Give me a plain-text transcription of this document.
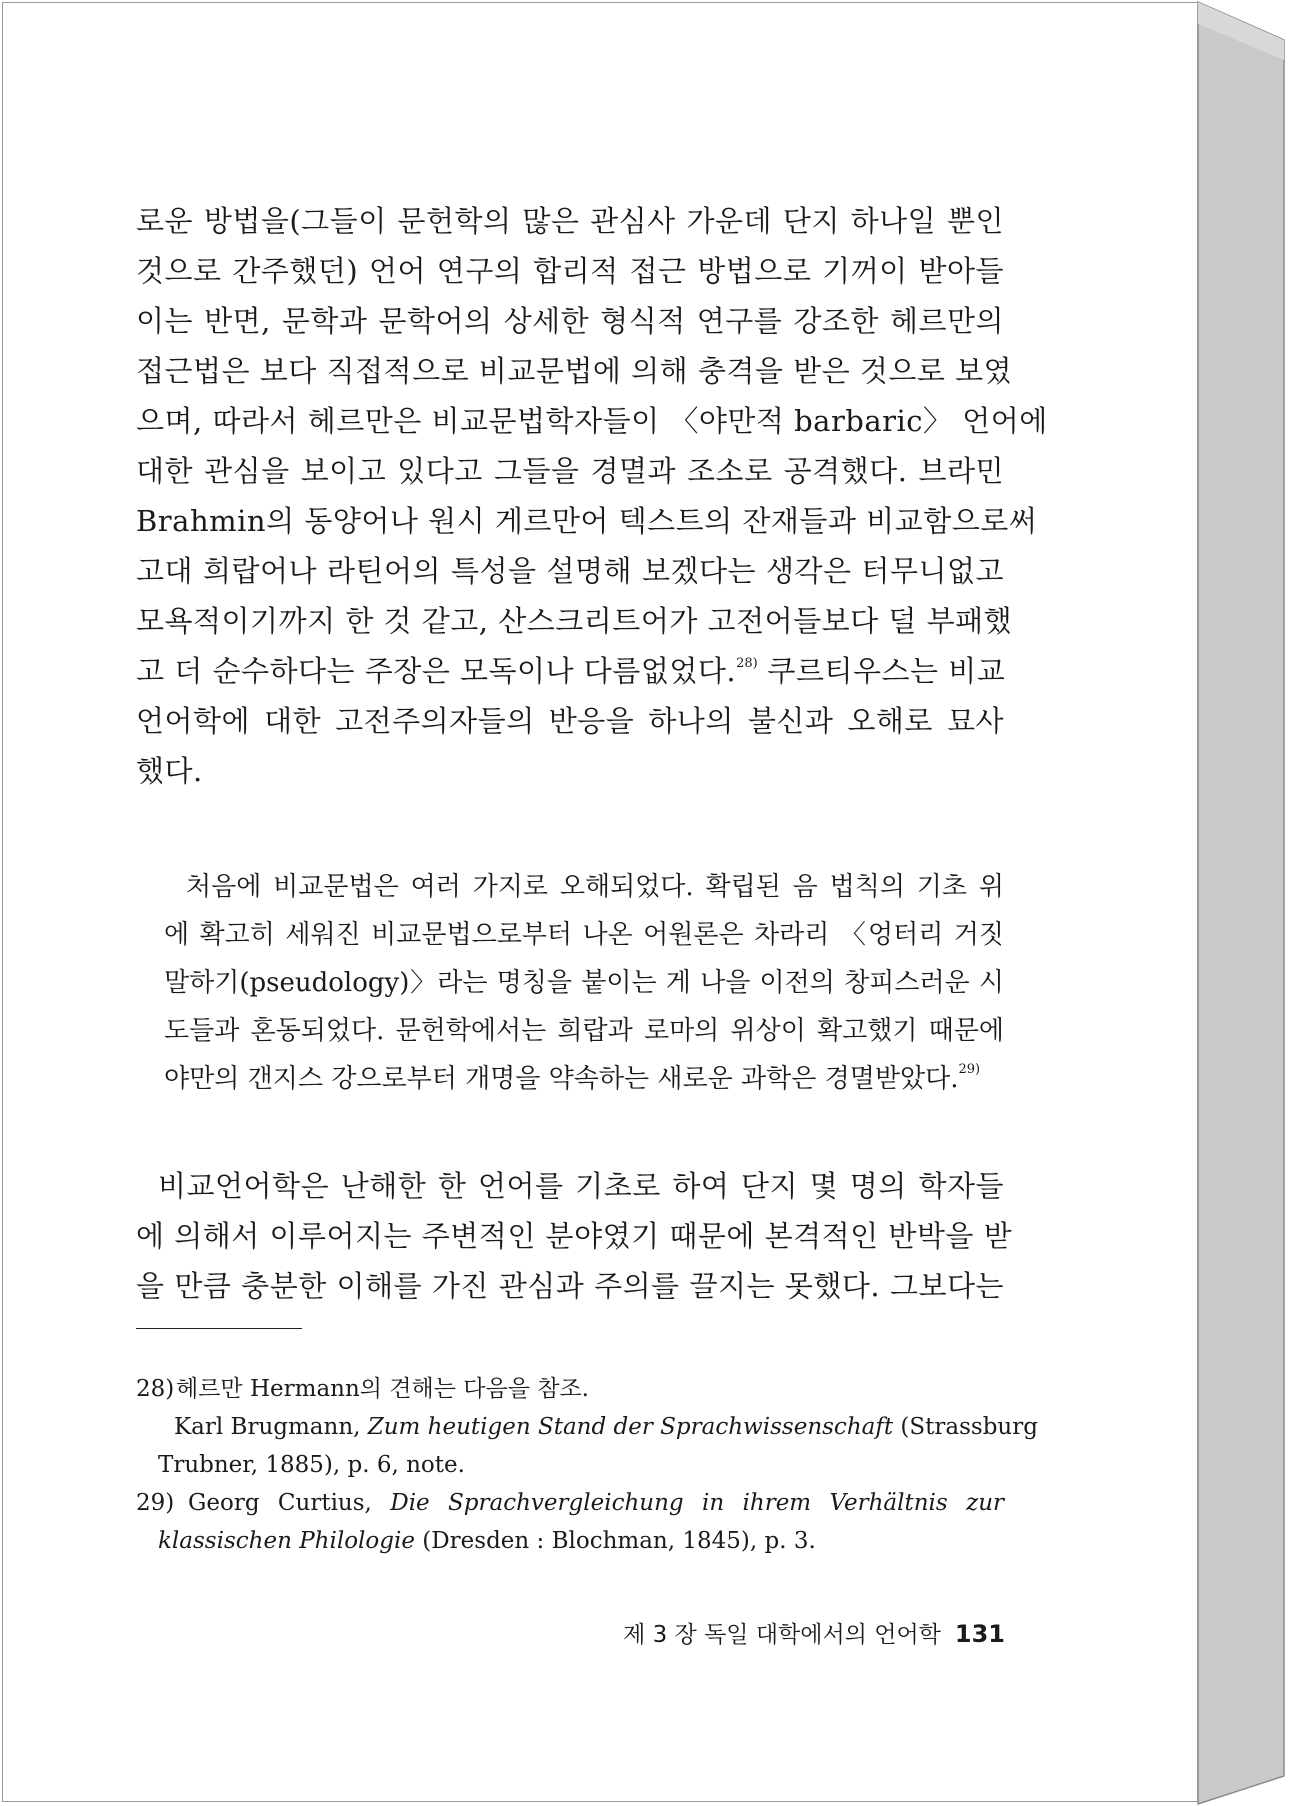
로운 방법을(그들이 문헌학의 많은 관심사 가운데 단지 하나일 뿐인
것으로 간주했던) 언어 연구의 합리적 접근 방법으로 기꺼이 받아들
이는 반면, 문학과 문학어의 상세한 형식적 연구를 강조한 헤르만의
접근법은 보다 직접적으로 비교문법에 의해 충격을 받은 것으로 보였
으며, 따라서 헤르만은 비교문법학자들이 〈야만적 barbaric〉 언어에
대한 관심을 보이고 있다고 그들을 경멸과 조소로 공격했다. 브라민
Brahmin의 동양어나 원시 게르만어 텍스트의 잔재들과 비교함으로써
고대 희랍어나 라틴어의 특성을 설명해 보겠다는 생각은 터무니없고
모욕적이기까지 한 것 같고, 산스크리트어가 고전어들보다 덜 부패했
고 더 순수하다는 주장은 모독이나 다름없었다.$^{28)}$ 쿠르티우스는 비교
언어학에 대한 고전주의자들의 반응을 하나의 불신과 오해로 묘사
했다.

처음에 비교문법은 여러 가지로 오해되었다. 확립된 음 법칙의 기초 위
에 확고히 세워진 비교문법으로부터 나온 어원론은 차라리 〈엉터리 거짓
말하기(pseudology)〉라는 명칭을 붙이는 게 나을 이전의 창피스러운 시
도들과 혼동되었다. 문헌학에서는 희랍과 로마의 위상이 확고했기 때문에
야만의 갠지스 강으로부터 개명을 약속하는 새로운 과학은 경멸받았다.$^{29)}$

비교언어학은 난해한 한 언어를 기초로 하여 단지 몇 명의 학자들
에 의해서 이루어지는 주변적인 분야였기 때문에 본격적인 반박을 받
을 만큼 충분한 이해를 가진 관심과 주의를 끌지는 못했다. 그보다는

28)헤르만 Hermann의 견해는 다음을 참조.
Karl Brugmann, Zum heutigen Stand der Sprachwissenschaft (Strassburg
Trubner, 1885), p. 6, note.
29) Georg Curtius, Die Sprachvergleichung in ihrem Verhältnis zur
klassischen Philologie (Dresden : Blochman, 1845), p. 3.
제 3 장 독일 대학에서의 언어학 131
